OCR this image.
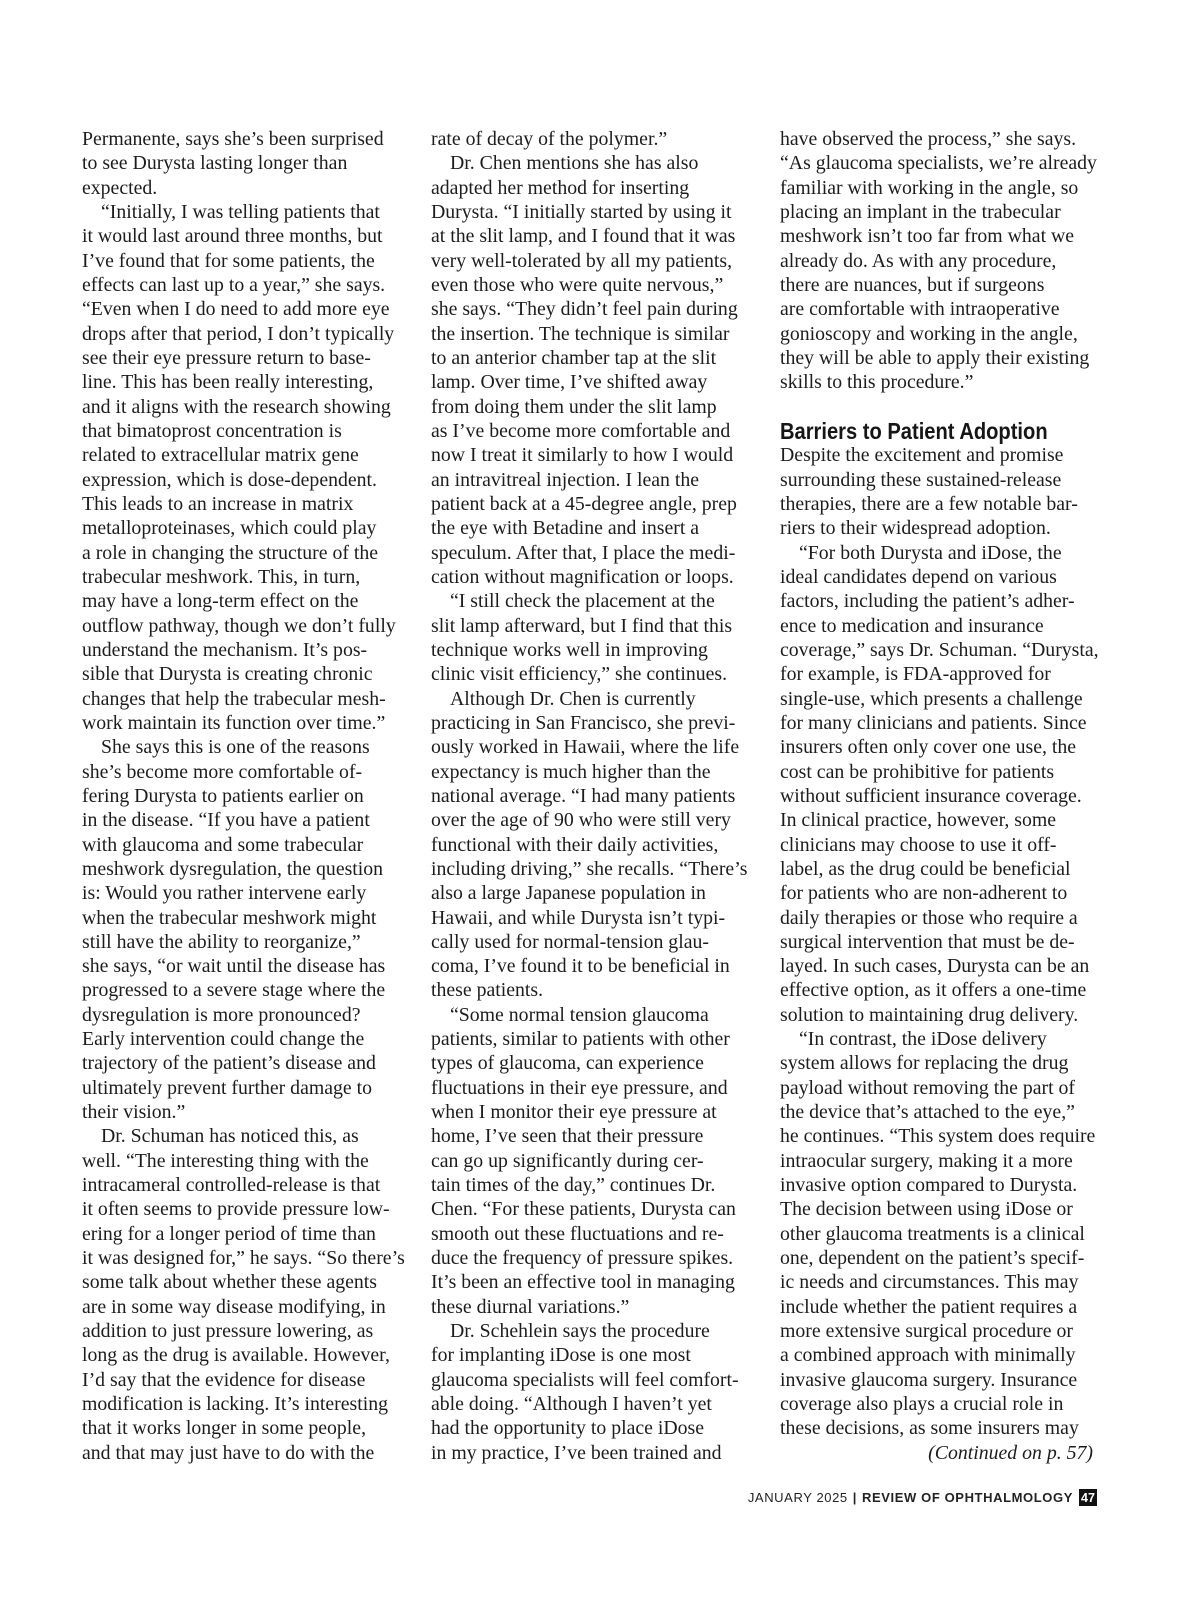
Permanente, says she’s been surprised
to see Durysta lasting longer than
expected.
“Initially, I was telling patients that
it would last around three months, but
I’ve found that for some patients, the
effects can last up to a year,” she says.
“Even when I do need to add more eye
drops after that period, I don’t typically
see their eye pressure return to base-
line. This has been really interesting,
and it aligns with the research showing
that bimatoprost concentration is
related to extracellular matrix gene
expression, which is dose-dependent.
This leads to an increase in matrix
metalloproteinases, which could play
a role in changing the structure of the
trabecular meshwork. This, in turn,
may have a long-term effect on the
outflow pathway, though we don’t fully
understand the mechanism. It’s pos-
sible that Durysta is creating chronic
changes that help the trabecular mesh-
work maintain its function over time.”
She says this is one of the reasons
she’s become more comfortable of-
fering Durysta to patients earlier on
in the disease. “If you have a patient
with glaucoma and some trabecular
meshwork dysregulation, the question
is: Would you rather intervene early
when the trabecular meshwork might
still have the ability to reorganize,”
she says, “or wait until the disease has
progressed to a severe stage where the
dysregulation is more pronounced?
Early intervention could change the
trajectory of the patient’s disease and
ultimately prevent further damage to
their vision.”
Dr. Schuman has noticed this, as
well. “The interesting thing with the
intracameral controlled-release is that
it often seems to provide pressure low-
ering for a longer period of time than
it was designed for,” he says. “So there’s
some talk about whether these agents
are in some way disease modifying, in
addition to just pressure lowering, as
long as the drug is available. However,
I’d say that the evidence for disease
modification is lacking. It’s interesting
that it works longer in some people,
and that may just have to do with the
rate of decay of the polymer.”
Dr. Chen mentions she has also
adapted her method for inserting
Durysta. “I initially started by using it
at the slit lamp, and I found that it was
very well-tolerated by all my patients,
even those who were quite nervous,”
she says. “They didn’t feel pain during
the insertion. The technique is similar
to an anterior chamber tap at the slit
lamp. Over time, I’ve shifted away
from doing them under the slit lamp
as I’ve become more comfortable and
now I treat it similarly to how I would
an intravitreal injection. I lean the
patient back at a 45-degree angle, prep
the eye with Betadine and insert a
speculum. After that, I place the medi-
cation without magnification or loops.
“I still check the placement at the
slit lamp afterward, but I find that this
technique works well in improving
clinic visit efficiency,” she continues.
Although Dr. Chen is currently
practicing in San Francisco, she previ-
ously worked in Hawaii, where the life
expectancy is much higher than the
national average. “I had many patients
over the age of 90 who were still very
functional with their daily activities,
including driving,” she recalls. “There’s
also a large Japanese population in
Hawaii, and while Durysta isn’t typi-
cally used for normal-tension glau-
coma, I’ve found it to be beneficial in
these patients.
“Some normal tension glaucoma
patients, similar to patients with other
types of glaucoma, can experience
fluctuations in their eye pressure, and
when I monitor their eye pressure at
home, I’ve seen that their pressure
can go up significantly during cer-
tain times of the day,” continues Dr.
Chen. “For these patients, Durysta can
smooth out these fluctuations and re-
duce the frequency of pressure spikes.
It’s been an effective tool in managing
these diurnal variations.”
Dr. Schehlein says the procedure
for implanting iDose is one most
glaucoma specialists will feel comfort-
able doing. “Although I haven’t yet
had the opportunity to place iDose
in my practice, I’ve been trained and
have observed the process,” she says.
“As glaucoma specialists, we’re already
familiar with working in the angle, so
placing an implant in the trabecular
meshwork isn’t too far from what we
already do. As with any procedure,
there are nuances, but if surgeons
are comfortable with intraoperative
gonioscopy and working in the angle,
they will be able to apply their existing
skills to this procedure.”
Barriers to Patient Adoption
Despite the excitement and promise
surrounding these sustained-release
therapies, there are a few notable bar-
riers to their widespread adoption.
“For both Durysta and iDose, the
ideal candidates depend on various
factors, including the patient’s adher-
ence to medication and insurance
coverage,” says Dr. Schuman. “Durysta,
for example, is FDA-approved for
single-use, which presents a challenge
for many clinicians and patients. Since
insurers often only cover one use, the
cost can be prohibitive for patients
without sufficient insurance coverage.
In clinical practice, however, some
clinicians may choose to use it off-
label, as the drug could be beneficial
for patients who are non-adherent to
daily therapies or those who require a
surgical intervention that must be de-
layed. In such cases, Durysta can be an
effective option, as it offers a one-time
solution to maintaining drug delivery.
“In contrast, the iDose delivery
system allows for replacing the drug
payload without removing the part of
the device that’s attached to the eye,”
he continues. “This system does require
intraocular surgery, making it a more
invasive option compared to Durysta.
The decision between using iDose or
other glaucoma treatments is a clinical
one, dependent on the patient’s specif-
ic needs and circumstances. This may
include whether the patient requires a
more extensive surgical procedure or
a combined approach with minimally
invasive glaucoma surgery. Insurance
coverage also plays a crucial role in
these decisions, as some insurers may
(Continued on p. 57)
JANUARY 2025 | REVIEW OF OPHTHALMOLOGY 47
